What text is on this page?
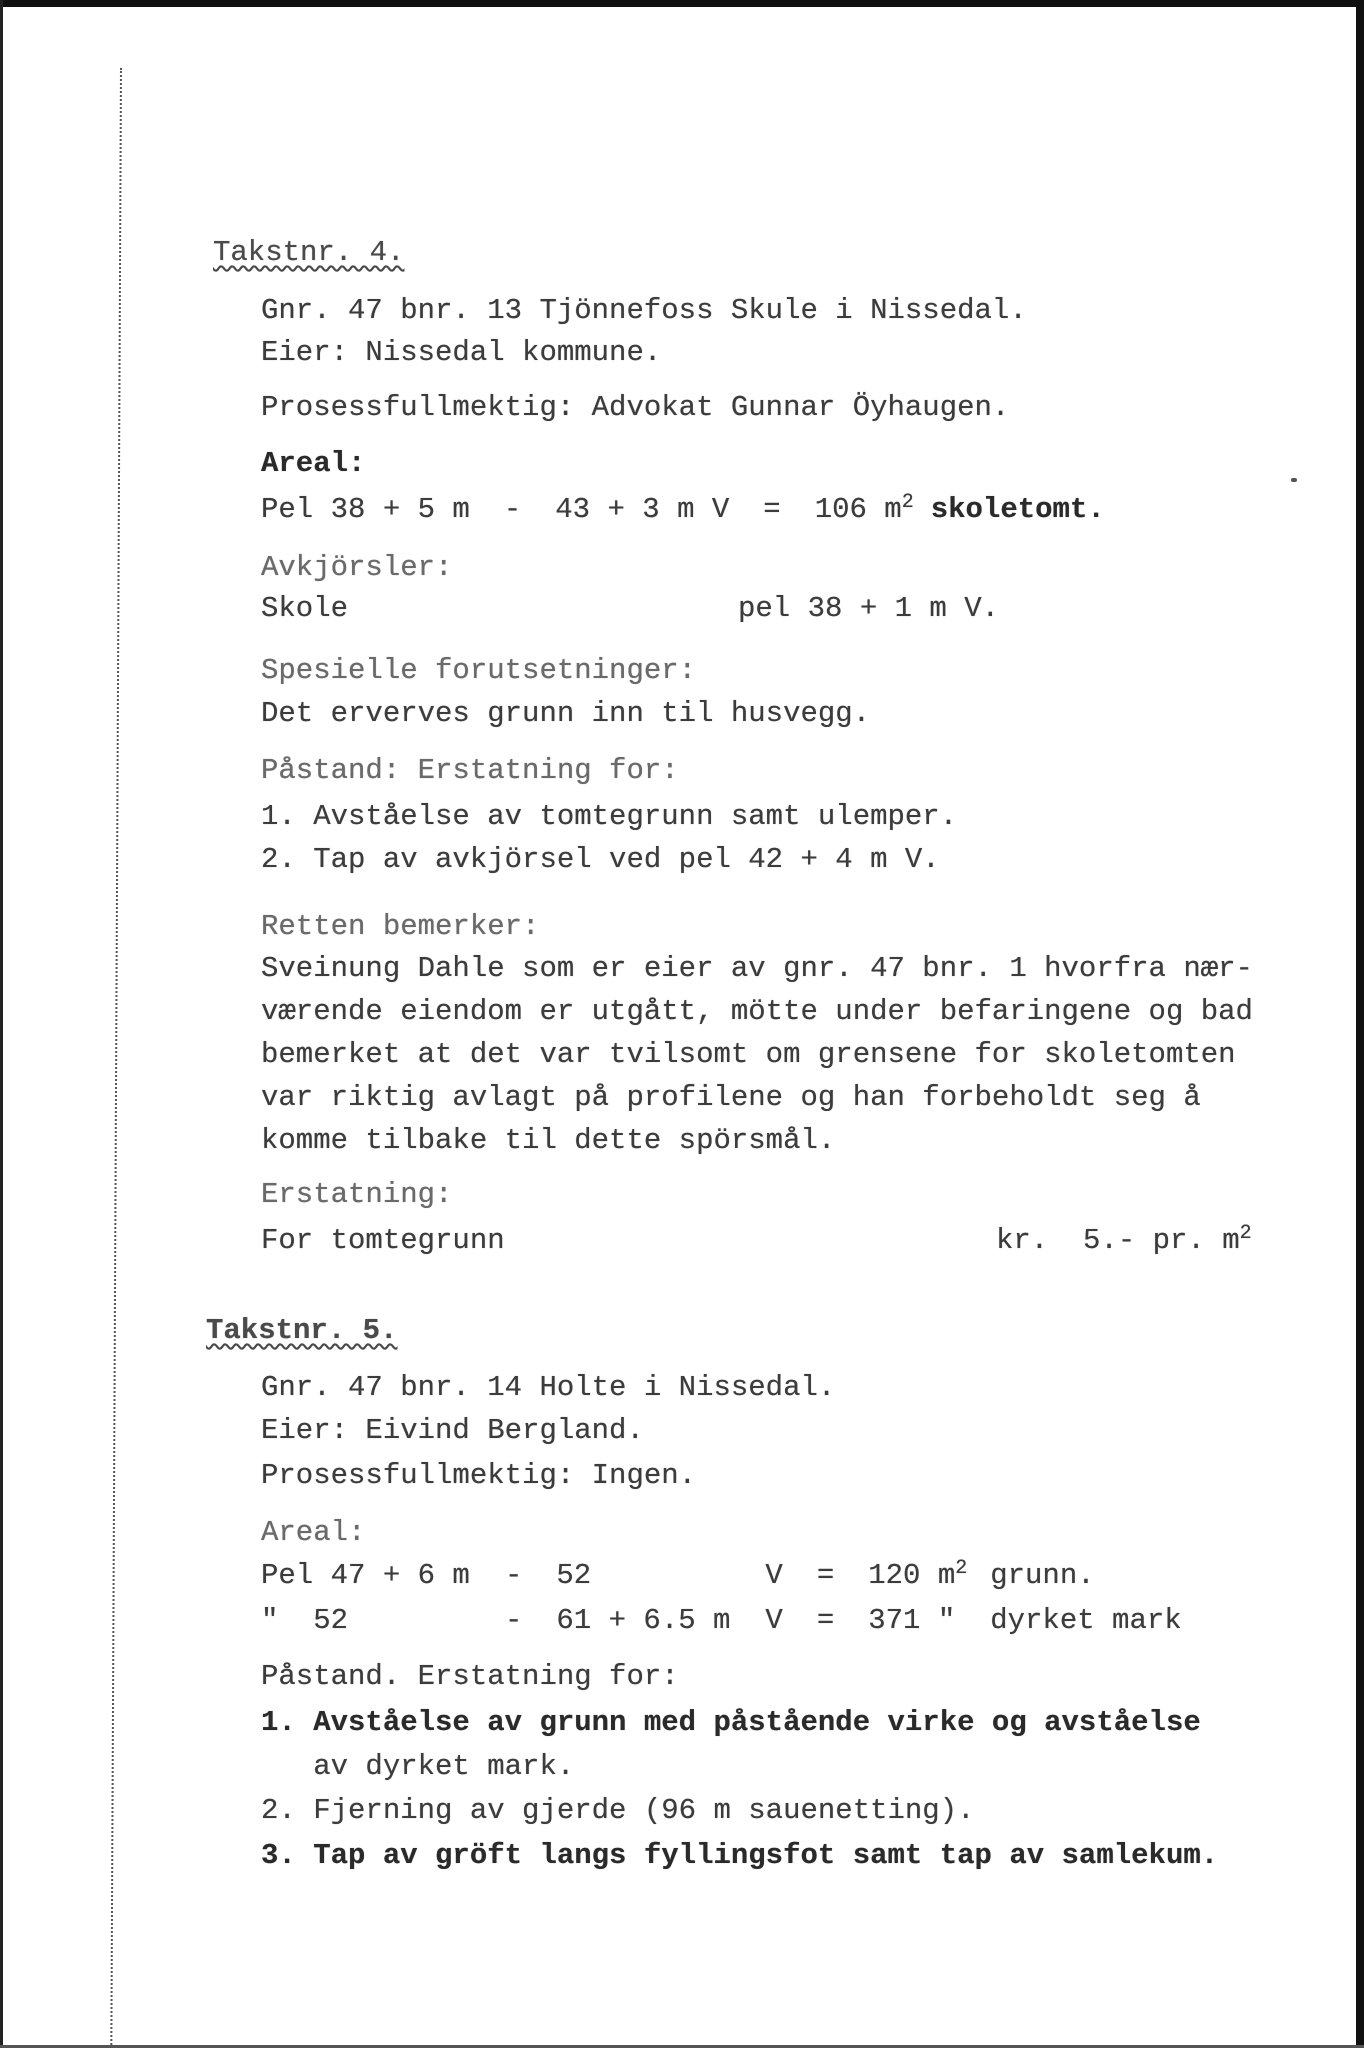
Takstnr. 4.
Gnr. 47 bnr. 13 Tjönnefoss Skule i Nissedal.
Eier: Nissedal kommune.
Prosessfullmektig: Advokat Gunnar Öyhaugen.
Areal:
Pel 38 + 5 m - 43 + 3 m V = 106 $m^2$ skoletomt.
Avkjörsler:
Skole	pel 38 + 1 m V.
Spesielle forutsetninger:
Det erverves grunn inn til husvegg.
Påstand: Erstatning for:
1. Avståelse av tomtegrunn samt ulemper.
2. Tap av avkjörsel ved pel 42 + 4 m V.
Retten bemerker:
Sveinung Dahle som er eier av gnr. 47 bnr. 1 hvorfra nær-
værende eiendom er utgått, mötte under befaringene og bad
bemerket at det var tvilsomt om grensene for skoletomten
var riktig avlagt på profilene og han forbeholdt seg å
komme tilbake til dette spörsmål.
Erstatning:
For tomtegrunn	kr.  5.- pr. $m^2$
Takstnr. 5.
Gnr. 47 bnr. 14 Holte i Nissedal.
Eier: Eivind Bergland.
Prosessfullmektig: Ingen.
Areal:
Pel 47 + 6 m - 52	V = 120 $m^2$ grunn.
"  52	- 61 + 6.5 m V = 371 "	dyrket mark
Påstand. Erstatning for:
1. Avståelse av grunn med påstående virke og avståelse
av dyrket mark.
2. Fjerning av gjerde (96 m sauenetting).
3. Tap av gröft langs fyllingsfot samt tap av samlekum.
